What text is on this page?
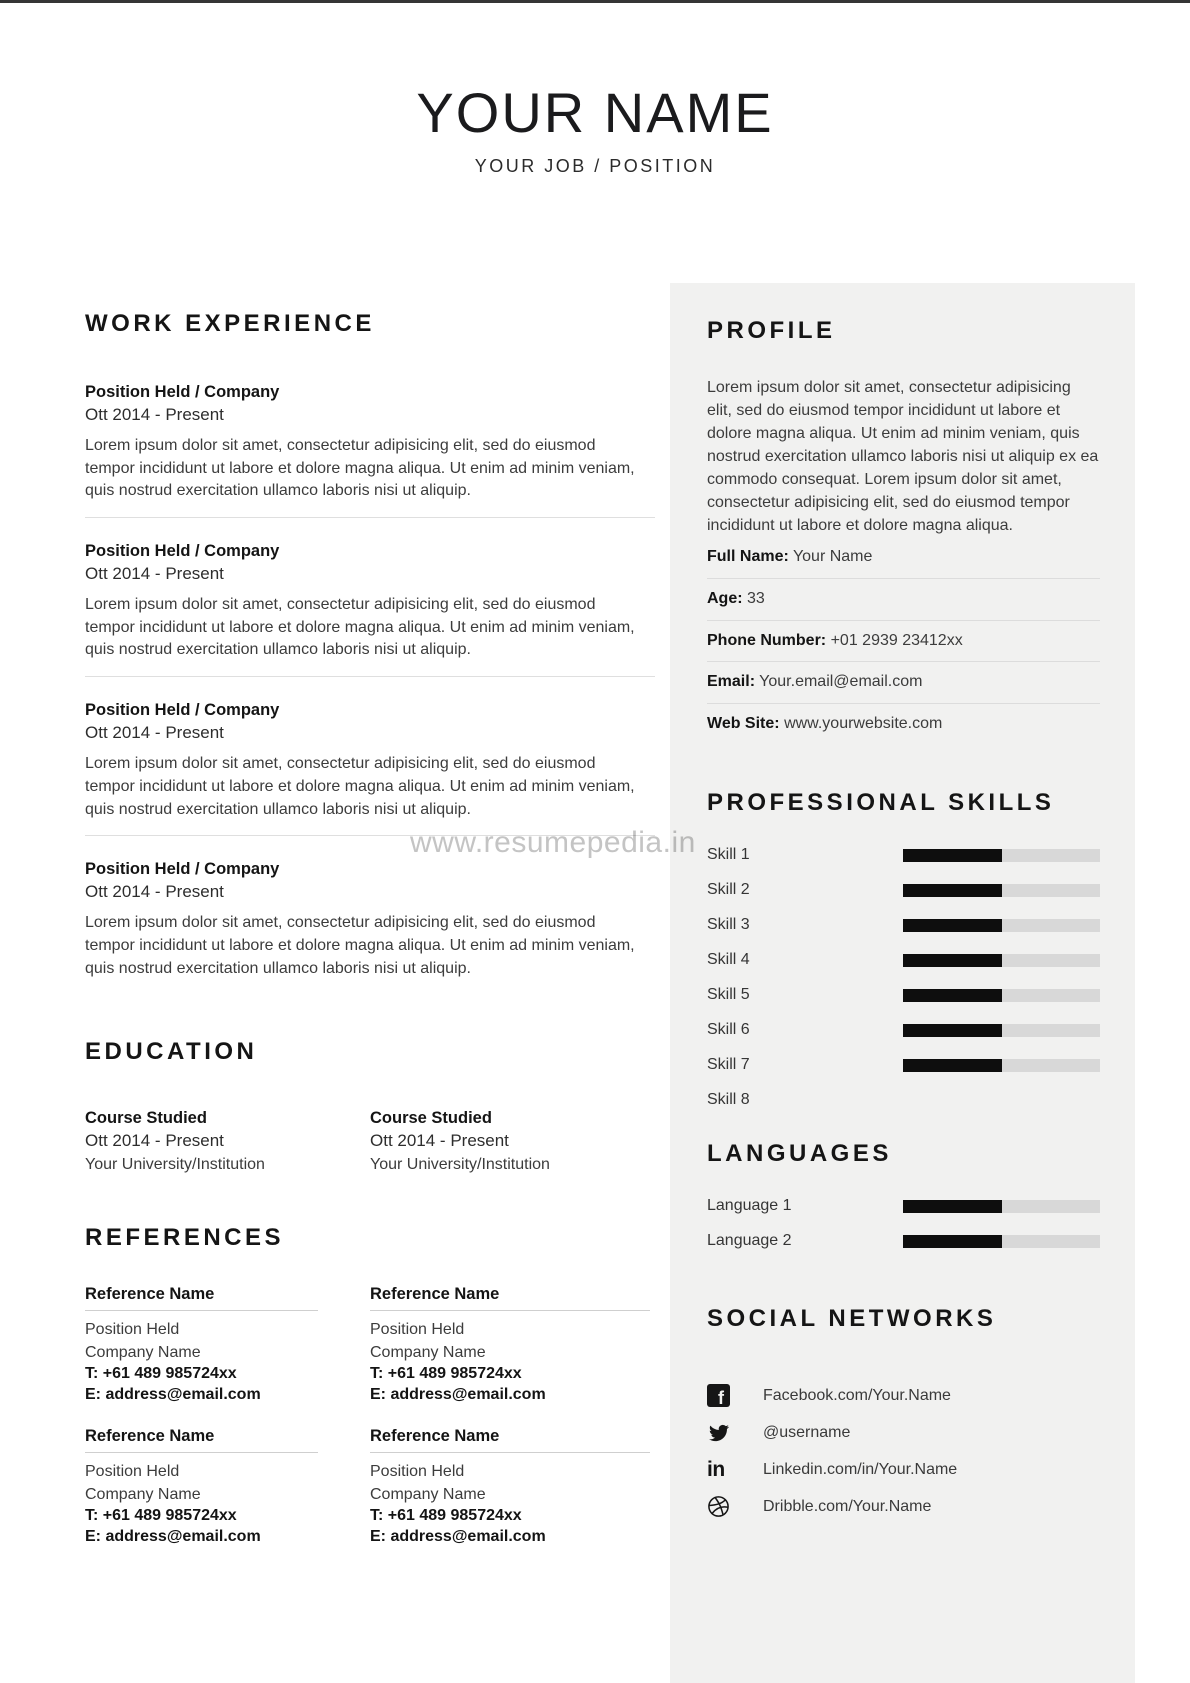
YOUR NAME
YOUR JOB / POSITION
WORK EXPERIENCE
Position Held / Company
Ott 2014 - Present
Lorem ipsum dolor sit amet, consectetur adipisicing elit, sed do eiusmod tempor incididunt ut labore et dolore magna aliqua. Ut enim ad minim veniam, quis nostrud exercitation ullamco laboris nisi ut aliquip.
Position Held / Company
Ott 2014 - Present
Lorem ipsum dolor sit amet, consectetur adipisicing elit, sed do eiusmod tempor incididunt ut labore et dolore magna aliqua. Ut enim ad minim veniam, quis nostrud exercitation ullamco laboris nisi ut aliquip.
Position Held / Company
Ott 2014 - Present
Lorem ipsum dolor sit amet, consectetur adipisicing elit, sed do eiusmod tempor incididunt ut labore et dolore magna aliqua. Ut enim ad minim veniam, quis nostrud exercitation ullamco laboris nisi ut aliquip.
Position Held / Company
Ott 2014 - Present
Lorem ipsum dolor sit amet, consectetur adipisicing elit, sed do eiusmod tempor incididunt ut labore et dolore magna aliqua. Ut enim ad minim veniam, quis nostrud exercitation ullamco laboris nisi ut aliquip.
EDUCATION
Course Studied
Ott 2014 - Present
Your University/Institution
Course Studied
Ott 2014 - Present
Your University/Institution
REFERENCES
Reference Name
Position Held
Company Name
T: +61 489 985724xx
E: address@email.com
Reference Name
Position Held
Company Name
T: +61 489 985724xx
E: address@email.com
Reference Name
Position Held
Company Name
T: +61 489 985724xx
E: address@email.com
Reference Name
Position Held
Company Name
T: +61 489 985724xx
E: address@email.com
PROFILE
Lorem ipsum dolor sit amet, consectetur adipisicing elit, sed do eiusmod tempor incididunt ut labore et dolore magna aliqua. Ut enim ad minim veniam, quis nostrud exercitation ullamco laboris nisi ut aliquip ex ea commodo consequat. Lorem ipsum dolor sit amet, consectetur adipisicing elit, sed do eiusmod tempor incididunt ut labore et dolore magna aliqua.
Full Name: Your Name
Age: 33
Phone Number: +01 2939 23412xx
Email: Your.email@email.com
Web Site: www.yourwebsite.com
PROFESSIONAL SKILLS
Skill 1
Skill 2
Skill 3
Skill 4
Skill 5
Skill 6
Skill 7
Skill 8
LANGUAGES
Language 1
Language 2
SOCIAL NETWORKS
f	Facebook.com/Your.Name
@username
in Linkedin.com/in/Your.Name
Dribble.com/Your.Name
www.resumepedia.in
